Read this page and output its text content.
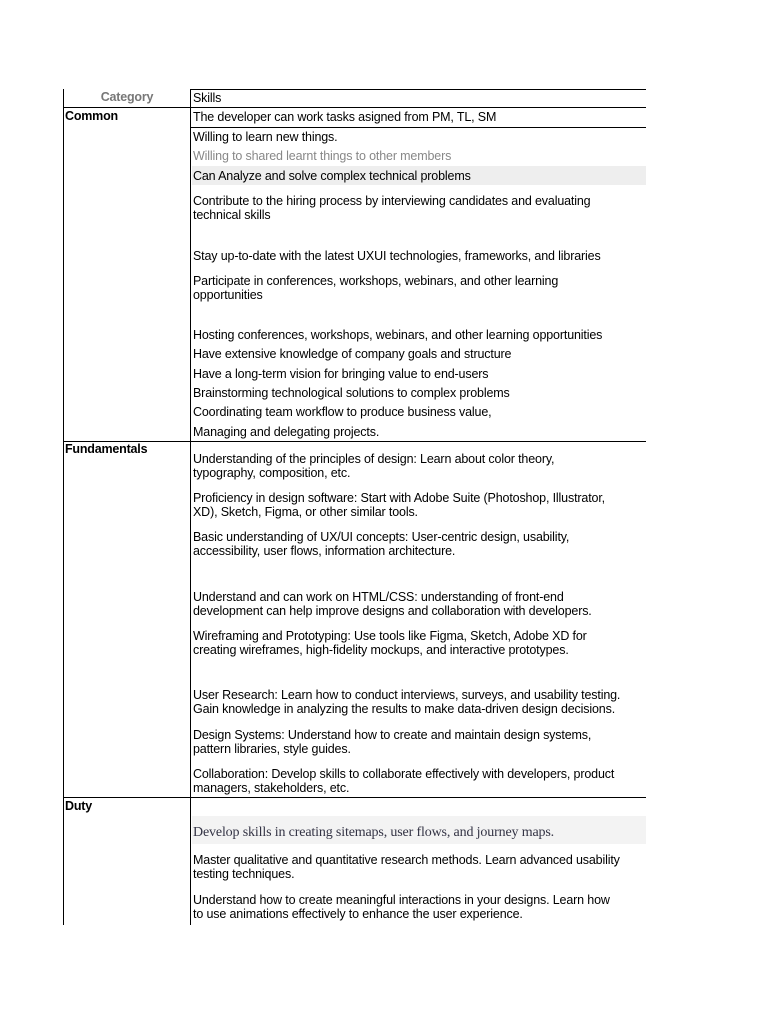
Category	Skills
Common	The developer can work tasks asigned from PM, TL, SM
Willing to learn new things.
Willing to shared learnt things to other members
Can Analyze and solve complex technical problems
Contribute to the hiring process by interviewing candidates and evaluating
technical skills
Stay up-to-date with the latest UXUI technologies, frameworks, and libraries
Participate in conferences, workshops, webinars, and other learning
opportunities
Hosting conferences, workshops, webinars, and other learning opportunities
Have extensive knowledge of company goals and structure
Have a long-term vision for bringing value to end-users
Brainstorming technological solutions to complex problems
Coordinating team workflow to produce business value,
Managing and delegating projects.
Fundamentals
Understanding of the principles of design: Learn about color theory,
typography, composition, etc.
Proficiency in design software: Start with Adobe Suite (Photoshop, Illustrator,
XD), Sketch, Figma, or other similar tools.
Basic understanding of UX/UI concepts: User-centric design, usability,
accessibility, user flows, information architecture.
Understand and can work on HTML/CSS: understanding of front-end
development can help improve designs and collaboration with developers.
Wireframing and Prototyping: Use tools like Figma, Sketch, Adobe XD for
creating wireframes, high-fidelity mockups, and interactive prototypes.
User Research: Learn how to conduct interviews, surveys, and usability testing.
Gain knowledge in analyzing the results to make data-driven design decisions.
Design Systems: Understand how to create and maintain design systems,
pattern libraries, style guides.
Collaboration: Develop skills to collaborate effectively with developers, product
managers, stakeholders, etc.
Duty
Develop skills in creating sitemaps, user flows, and journey maps.
Master qualitative and quantitative research methods. Learn advanced usability
testing techniques.
Understand how to create meaningful interactions in your designs. Learn how
to use animations effectively to enhance the user experience.
